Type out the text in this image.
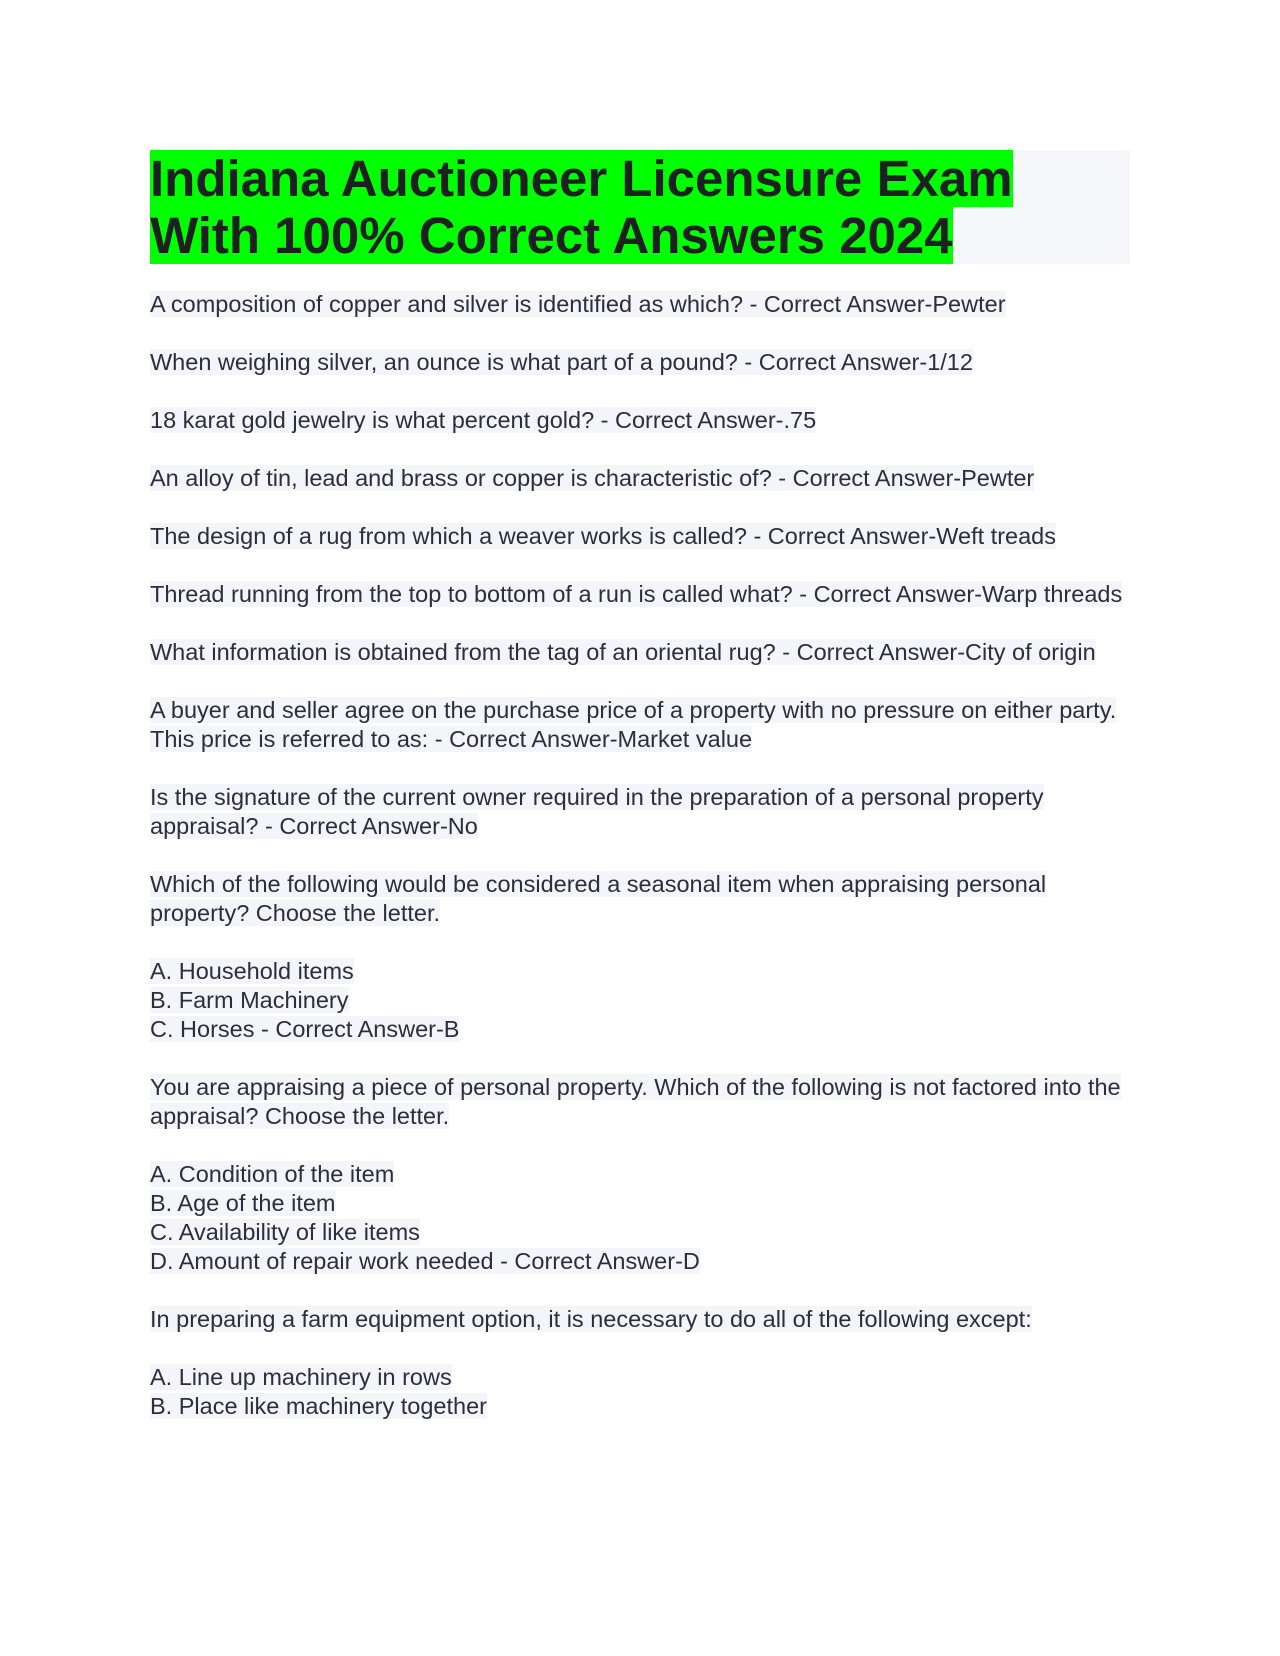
Indiana Auctioneer Licensure Exam With 100% Correct Answers 2024

A composition of copper and silver is identified as which? - Correct Answer-Pewter

When weighing silver, an ounce is what part of a pound? - Correct Answer-1/12

18 karat gold jewelry is what percent gold? - Correct Answer-.75

An alloy of tin, lead and brass or copper is characteristic of? - Correct Answer-Pewter

The design of a rug from which a weaver works is called? - Correct Answer-Weft treads

Thread running from the top to bottom of a run is called what? - Correct Answer-Warp threads

What information is obtained from the tag of an oriental rug? - Correct Answer-City of origin

A buyer and seller agree on the purchase price of a property with no pressure on either party. This price is referred to as: - Correct Answer-Market value

Is the signature of the current owner required in the preparation of a personal property appraisal? - Correct Answer-No

Which of the following would be considered a seasonal item when appraising personal property? Choose the letter.

A. Household items
B. Farm Machinery
C. Horses - Correct Answer-B

You are appraising a piece of personal property. Which of the following is not factored into the appraisal? Choose the letter.

A. Condition of the item
B. Age of the item
C. Availability of like items
D. Amount of repair work needed - Correct Answer-D

In preparing a farm equipment option, it is necessary to do all of the following except:

A. Line up machinery in rows
B. Place like machinery together
